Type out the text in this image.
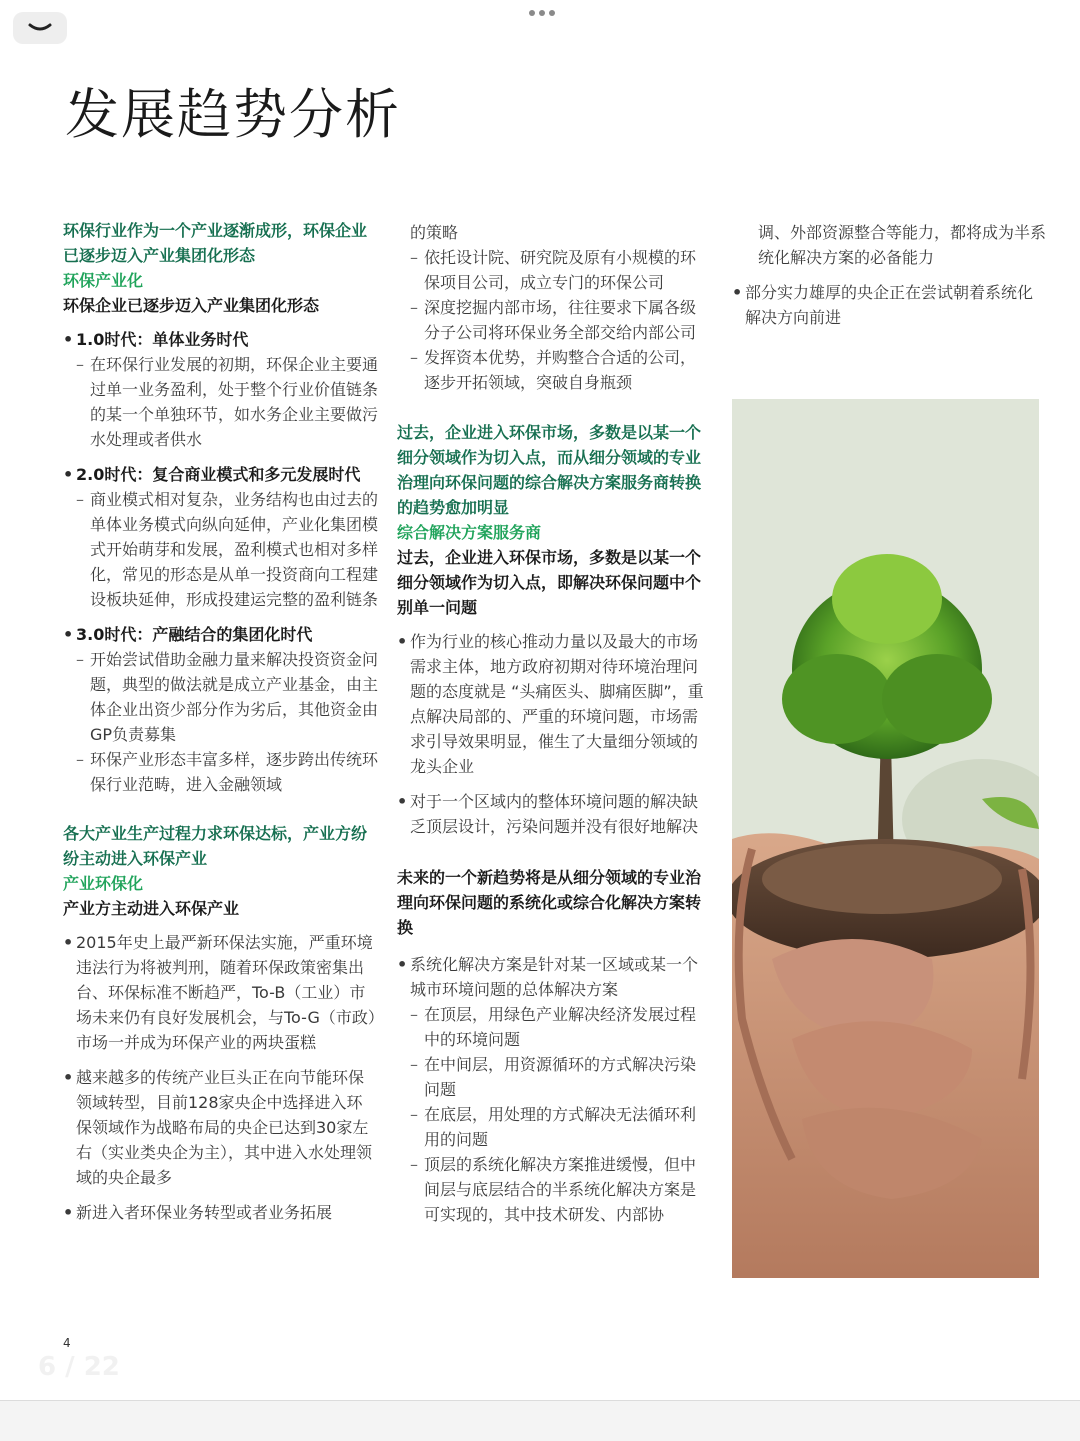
发展趋势分析
环保行业作为一个产业逐渐成形，环保企业已逐步迈入产业集团化形态
环保产业化
环保企业已逐步迈入产业集团化形态
• 1.0时代：单体业务时代
– 在环保行业发展的初期，环保企业主要通过单一业务盈利，处于整个行业价值链条的某一个单独环节，如水务企业主要做污水处理或者供水
• 2.0时代：复合商业模式和多元发展时代
– 商业模式相对复杂，业务结构也由过去的单体业务模式向纵向延伸，产业化集团模式开始萌芽和发展，盈利模式也相对多样化，常见的形态是从单一投资商向工程建设板块延伸，形成投建运完整的盈利链条
• 3.0时代：产融结合的集团化时代
– 开始尝试借助金融力量来解决投资资金问题，典型的做法就是成立产业基金，由主体企业出资少部分作为劣后，其他资金由GP负责募集
– 环保产业形态丰富多样，逐步跨出传统环保行业范畴，进入金融领域
各大产业生产过程力求环保达标，产业方纷纷主动进入环保产业
产业环保化
产业方主动进入环保产业
• 2015年史上最严新环保法实施，严重环境违法行为将被判刑，随着环保政策密集出台、环保标准不断趋严，To-B（工业）市场未来仍有良好发展机会，与To-G（市政）市场一并成为环保产业的两块蛋糕
• 越来越多的传统产业巨头正在向节能环保领域转型，目前128家央企中选择进入环保领域作为战略布局的央企已达到30家左右（实业类央企为主），其中进入水处理领域的央企最多
• 新进入者环保业务转型或者业务拓展
的策略
– 依托设计院、研究院及原有小规模的环保项目公司，成立专门的环保公司
– 深度挖掘内部市场，往往要求下属各级分子公司将环保业务全部交给内部公司
– 发挥资本优势，并购整合合适的公司，逐步开拓领域，突破自身瓶颈
过去，企业进入环保市场，多数是以某一个细分领域作为切入点，而从细分领域的专业治理向环保问题的综合解决方案服务商转换的趋势愈加明显
综合解决方案服务商
过去，企业进入环保市场，多数是以某一个细分领域作为切入点，即解决环保问题中个别单一问题
• 作为行业的核心推动力量以及最大的市场需求主体，地方政府初期对待环境治理问题的态度就是 “头痛医头、脚痛医脚”，重点解决局部的、严重的环境问题，市场需求引导效果明显，催生了大量细分领域的龙头企业
• 对于一个区域内的整体环境问题的解决缺乏顶层设计，污染问题并没有很好地解决
未来的一个新趋势将是从细分领域的专业治理向环保问题的系统化或综合化解决方案转换
• 系统化解决方案是针对某一区域或某一个城市环境问题的总体解决方案
– 在顶层，用绿色产业解决经济发展过程中的环境问题
– 在中间层，用资源循环的方式解决污染问题
– 在底层，用处理的方式解决无法循环利用的问题
– 顶层的系统化解决方案推进缓慢，但中间层与底层结合的半系统化解决方案是可实现的，其中技术研发、内部协
调、外部资源整合等能力，都将成为半系统化解决方案的必备能力
• 部分实力雄厚的央企正在尝试朝着系统化解决方向前进
4
6 / 22
